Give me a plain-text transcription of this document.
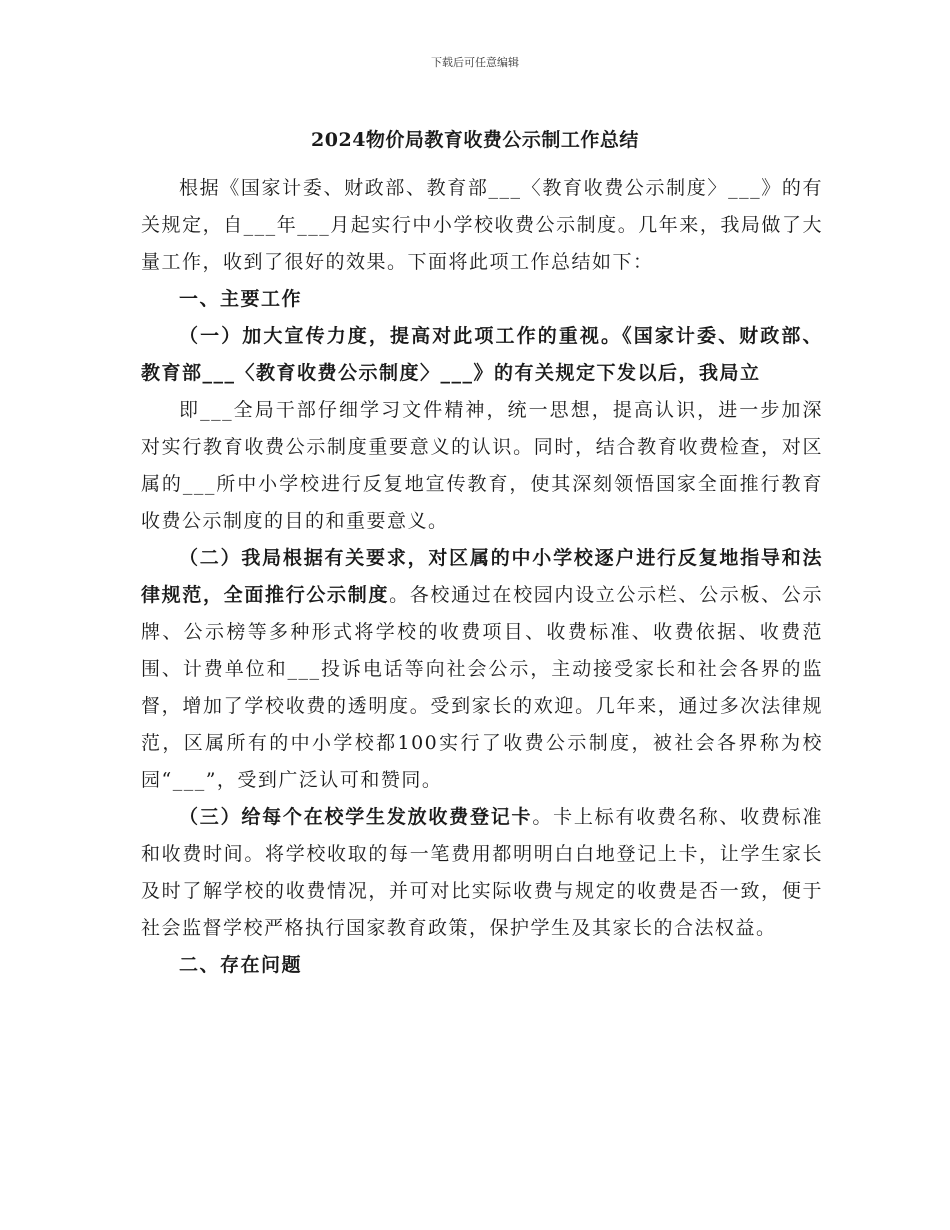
下载后可任意编辑
2024物价局教育收费公示制工作总结

根据《国家计委、财政部、教育部___〈教育收费公示制度〉___》的有关规定，自___年___月起实行中小学校收费公示制度。几年来，我局做了大量工作，收到了很好的效果。下面将此项工作总结如下：

一、主要工作

（一）加大宣传力度，提高对此项工作的重视。《国家计委、财政部、教育部___〈教育收费公示制度〉___》的有关规定下发以后，我局立

即___全局干部仔细学习文件精神，统一思想，提高认识，进一步加深对实行教育收费公示制度重要意义的认识。同时，结合教育收费检查，对区属的___所中小学校进行反复地宣传教育，使其深刻领悟国家全面推行教育收费公示制度的目的和重要意义。

（二）我局根据有关要求，对区属的中小学校逐户进行反复地指导和法律规范，全面推行公示制度。各校通过在校园内设立公示栏、公示板、公示牌、公示榜等多种形式将学校的收费项目、收费标准、收费依据、收费范围、计费单位和___投诉电话等向社会公示，主动接受家长和社会各界的监督，增加了学校收费的透明度。受到家长的欢迎。几年来，通过多次法律规范，区属所有的中小学校都100实行了收费公示制度，被社会各界称为校园“___”，受到广泛认可和赞同。

（三）给每个在校学生发放收费登记卡。卡上标有收费名称、收费标准和收费时间。将学校收取的每一笔费用都明明白白地登记上卡，让学生家长及时了解学校的收费情况，并可对比实际收费与规定的收费是否一致，便于社会监督学校严格执行国家教育政策，保护学生及其家长的合法权益。

二、存在问题
